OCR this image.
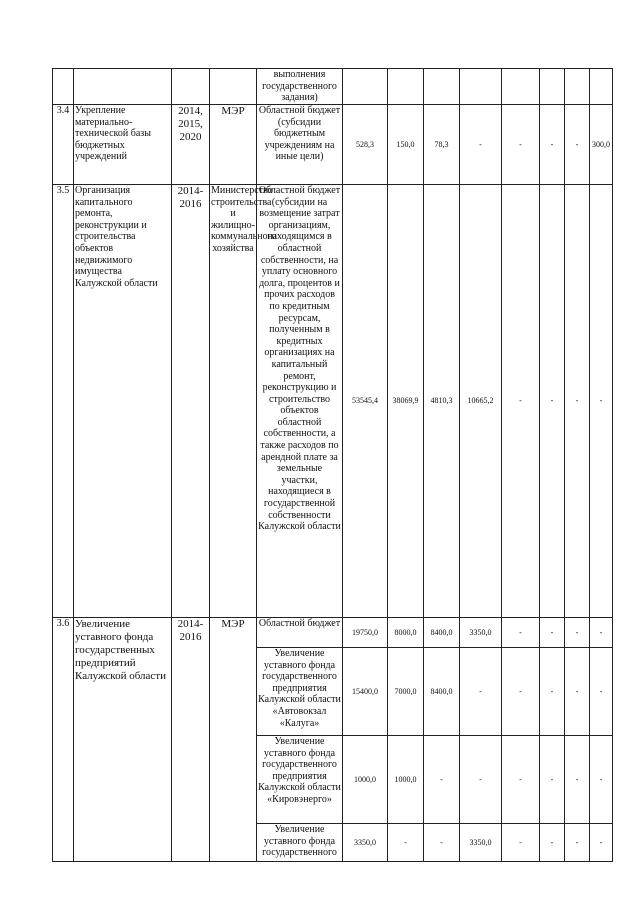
				выполнения государственного задания)								
3.4	Укрепление материально-технической базы бюджетных учреждений	2014, 2015, 2020	МЭР	Областной бюджет (субсидии бюджетным учреждениям на иные цели)	528,3	150,0	78,3	-	-	-	-	300,0
3.5	Организация капитального ремонта, реконструкции и строительства объектов недвижимого имущества Калужской области	2014-2016	Министерство строительства и жилищно-коммунального хозяйства	Областной бюджет (субсидии на возмещение затрат организациям, находящимся в областной собственности, на уплату основного долга, процентов и прочих расходов по кредитным ресурсам, полученным в кредитных организациях на капитальный ремонт, реконструкцию и строительство объектов областной собственности, а также расходов по арендной плате за земельные участки, находящиеся в государственной собственности Калужской области	53545,4	38069,9	4810,3	10665,2	-	-	-	-
3.6	Увеличение уставного фонда государственных предприятий Калужской области	2014-2016	МЭР	Областной бюджет	19750,0	8000,0	8400,0	3350,0	-	-	-	-
				Увеличение уставного фонда государственного предприятия Калужской области «Автовокзал «Калуга»	15400,0	7000,0	8400,0	-	-	-	-	-
				Увеличение уставного фонда государственного предприятия Калужской области «Кировэнерго»	1000,0	1000,0	-	-	-	-	-	-
				Увеличение уставного фонда государственного	3350,0	-	-	3350,0	-	-	-	-
